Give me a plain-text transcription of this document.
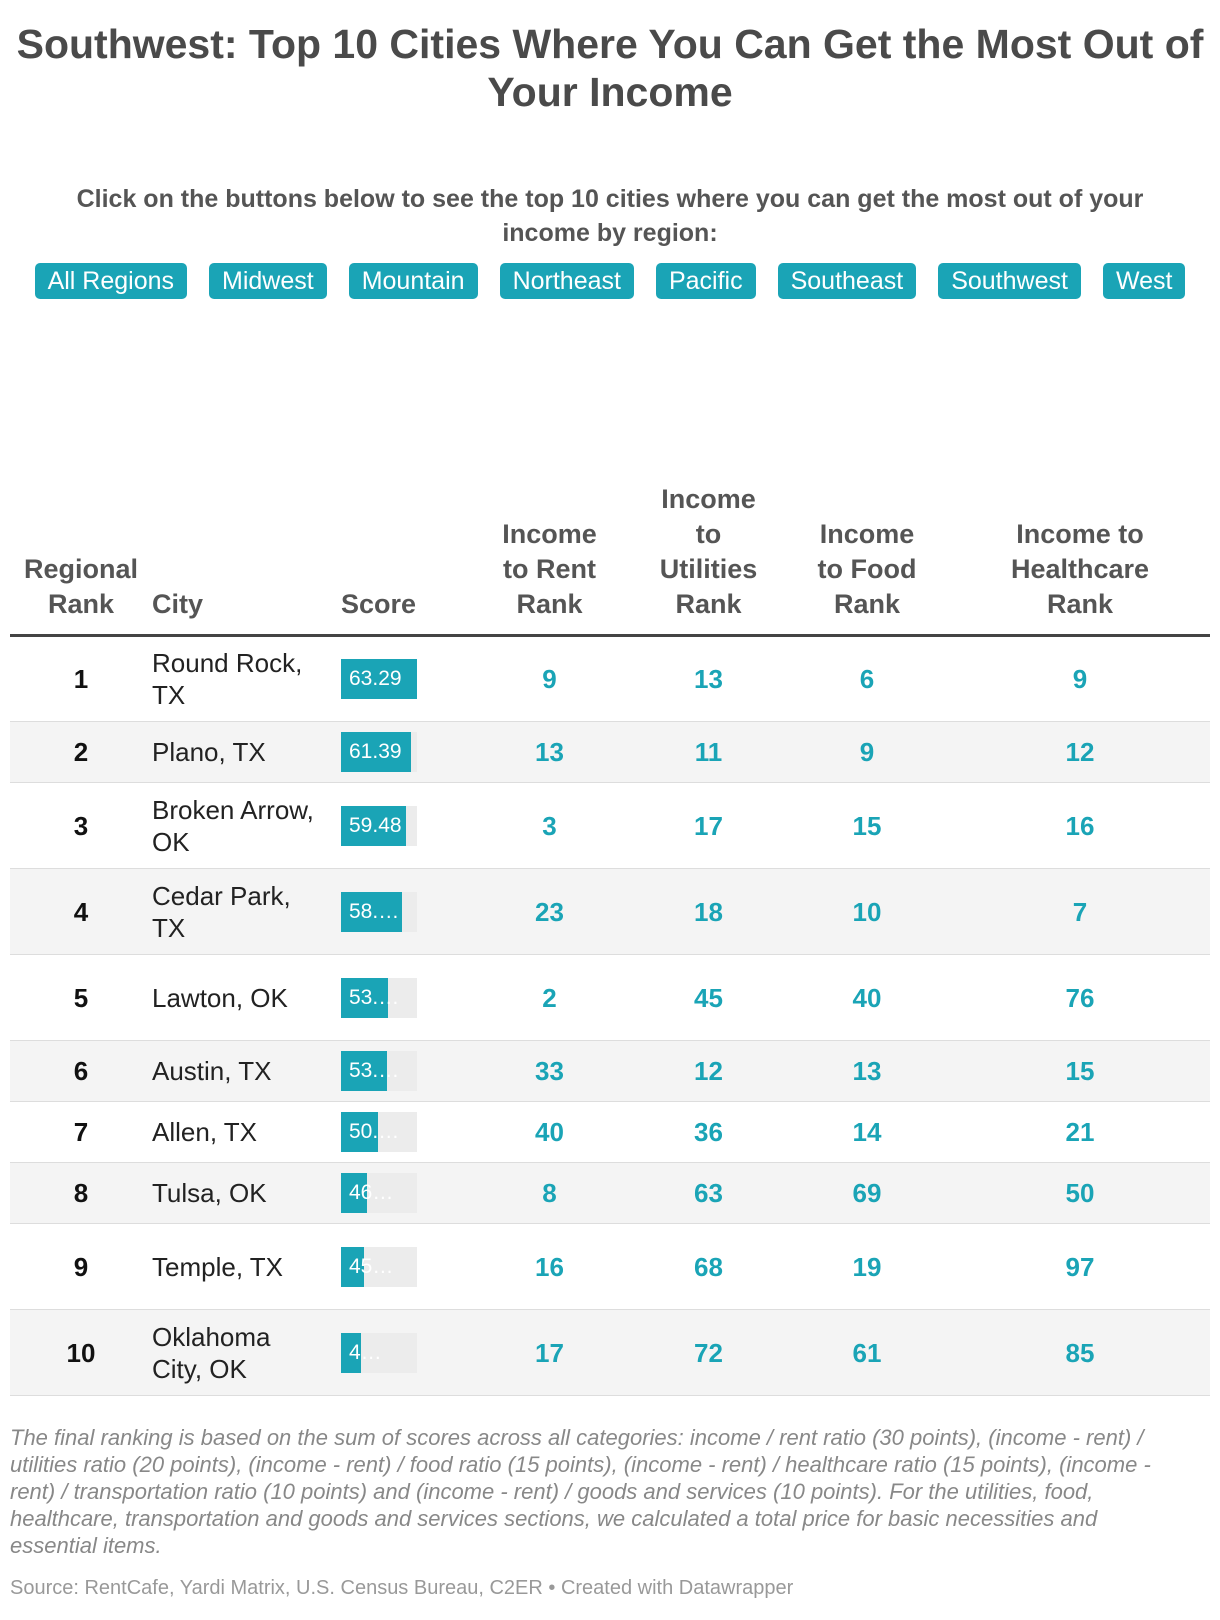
Southwest: Top 10 Cities Where You Can Get the Most Out of Your Income
Click on the buttons below to see the top 10 cities where you can get the most out of your income by region:
All Regions	Midwest	Mountain	Northeast	Pacific	Southeast	Southwest	West
Regional Rank	City	Score	Income to Rent Rank	Income to Utilities Rank	Income to Food Rank	Income to Healthcare Rank
1	Round Rock, TX	63.29	9	13	6	9
2	Plano, TX	61.39	13	11	9	12
3	Broken Arrow, OK	59.48	3	17	15	16
4	Cedar Park, TX	58.…	23	18	10	7
5	Lawton, OK	53.…	2	45	40	76
6	Austin, TX	53.…	33	12	13	15
7	Allen, TX	50.…	40	36	14	21
8	Tulsa, OK	46…	8	63	69	50
9	Temple, TX	45…	16	68	19	97
10	Oklahoma City, OK	4…	17	72	61	85
The final ranking is based on the sum of scores across all categories: income / rent ratio (30 points), (income - rent) / utilities ratio (20 points), (income - rent) / food ratio (15 points), (income - rent) / healthcare ratio (15 points), (income - rent) / transportation ratio (10 points) and (income - rent) / goods and services (10 points). For the utilities, food, healthcare, transportation and goods and services sections, we calculated a total price for basic necessities and essential items.
Source: RentCafe, Yardi Matrix, U.S. Census Bureau, C2ER • Created with Datawrapper
